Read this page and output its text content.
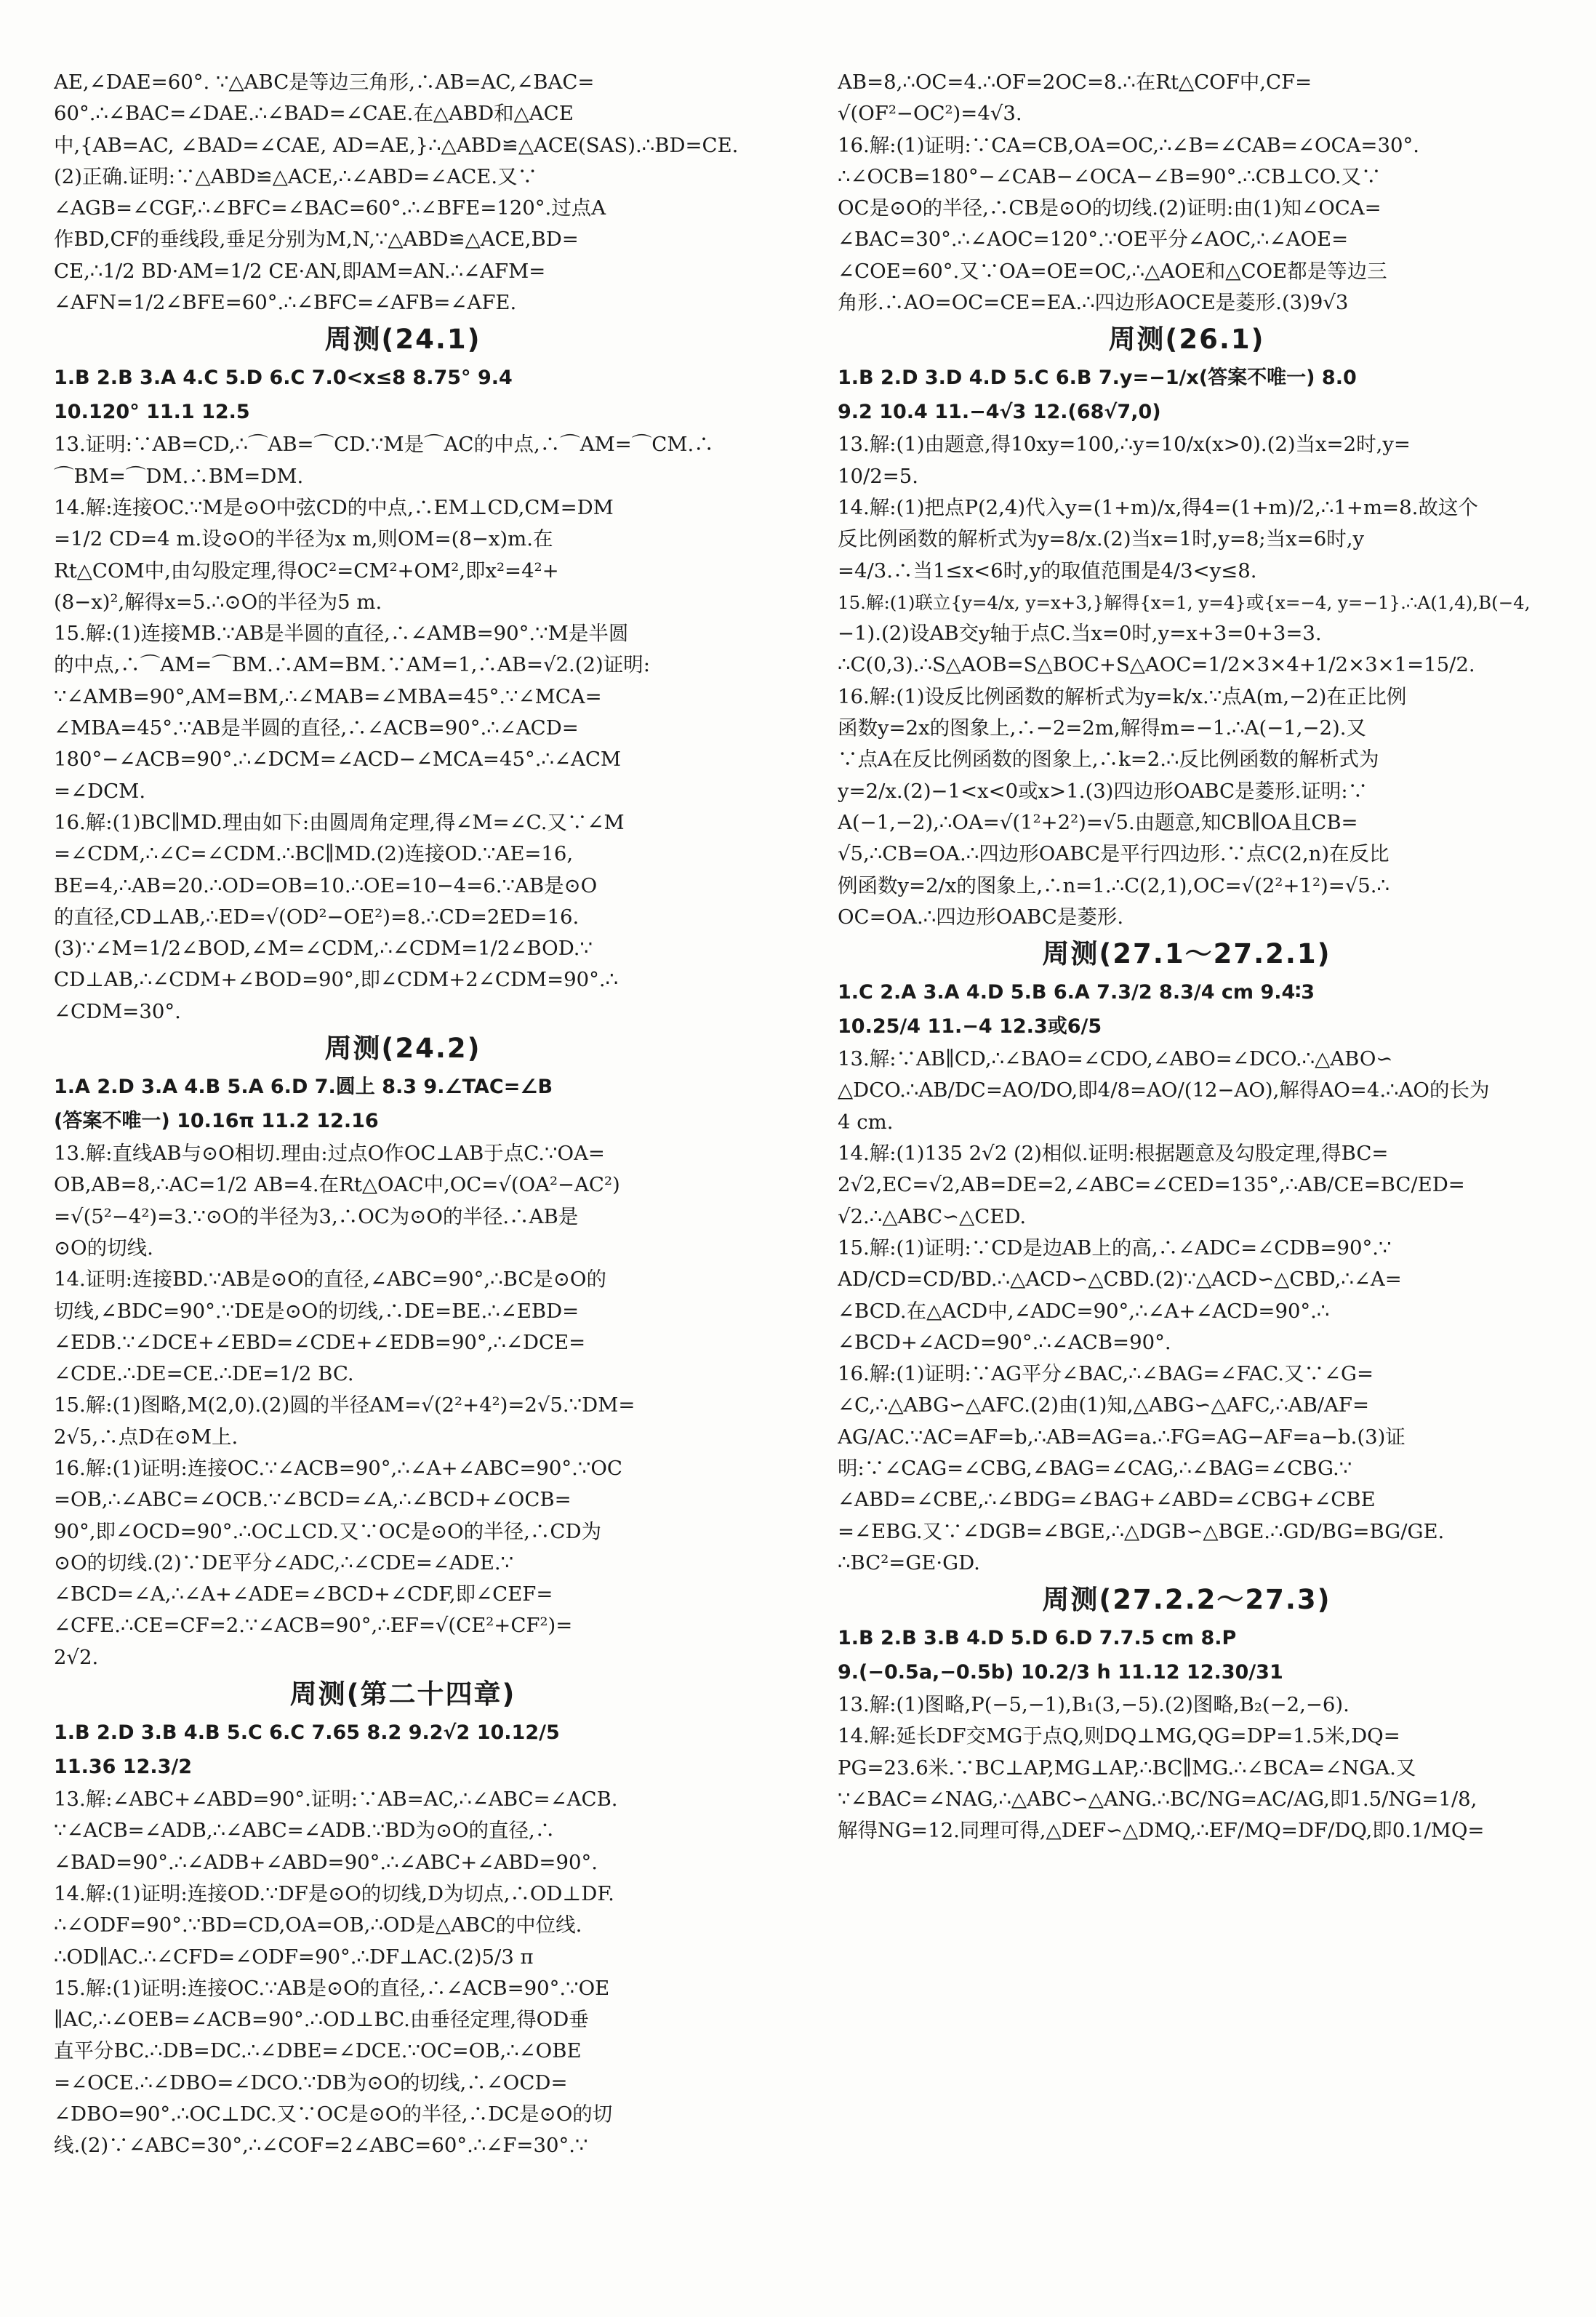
AE,∠DAE=60°. ∵△ABC是等边三角形,∴AB=AC,∠BAC=
60°.∴∠BAC=∠DAE.∴∠BAD=∠CAE.在△ABD和△ACE
中,{AB=AC, ∠BAD=∠CAE, AD=AE,}∴△ABD≌△ACE(SAS).∴BD=CE.
(2)正确.证明:∵△ABD≌△ACE,∴∠ABD=∠ACE.又∵
∠AGB=∠CGF,∴∠BFC=∠BAC=60°.∴∠BFE=120°.过点A
作BD,CF的垂线段,垂足分别为M,N,∵△ABD≌△ACE,BD=
CE,∴1/2 BD·AM=1/2 CE·AN,即AM=AN.∴∠AFM=
∠AFN=1/2∠BFE=60°.∴∠BFC=∠AFB=∠AFE.
周测(24.1)
1.B 2.B 3.A 4.C 5.D 6.C 7.0<x≤8 8.75° 9.4
10.120° 11.1 12.5
13.证明:∵AB=CD,∴⌒AB=⌒CD.∵M是⌒AC的中点,∴⌒AM=⌒CM.∴
⌒BM=⌒DM.∴BM=DM.
14.解:连接OC.∵M是⊙O中弦CD的中点,∴EM⊥CD,CM=DM
=1/2 CD=4 m.设⊙O的半径为x m,则OM=(8−x)m.在
Rt△COM中,由勾股定理,得OC²=CM²+OM²,即x²=4²+
(8−x)²,解得x=5.∴⊙O的半径为5 m.
15.解:(1)连接MB.∵AB是半圆的直径,∴∠AMB=90°.∵M是半圆
的中点,∴⌒AM=⌒BM.∴AM=BM.∵AM=1,∴AB=√2.(2)证明:
∵∠AMB=90°,AM=BM,∴∠MAB=∠MBA=45°.∵∠MCA=
∠MBA=45°.∵AB是半圆的直径,∴∠ACB=90°.∴∠ACD=
180°−∠ACB=90°.∴∠DCM=∠ACD−∠MCA=45°.∴∠ACM
=∠DCM.
16.解:(1)BC∥MD.理由如下:由圆周角定理,得∠M=∠C.又∵∠M
=∠CDM,∴∠C=∠CDM.∴BC∥MD.(2)连接OD.∵AE=16,
BE=4,∴AB=20.∴OD=OB=10.∴OE=10−4=6.∵AB是⊙O
的直径,CD⊥AB,∴ED=√(OD²−OE²)=8.∴CD=2ED=16.
(3)∵∠M=1/2∠BOD,∠M=∠CDM,∴∠CDM=1/2∠BOD.∵
CD⊥AB,∴∠CDM+∠BOD=90°,即∠CDM+2∠CDM=90°.∴
∠CDM=30°.
周测(24.2)
1.A 2.D 3.A 4.B 5.A 6.D 7.圆上 8.3 9.∠TAC=∠B
(答案不唯一) 10.16π 11.2 12.16
13.解:直线AB与⊙O相切.理由:过点O作OC⊥AB于点C.∵OA=
OB,AB=8,∴AC=1/2 AB=4.在Rt△OAC中,OC=√(OA²−AC²)
=√(5²−4²)=3.∵⊙O的半径为3,∴OC为⊙O的半径.∴AB是
⊙O的切线.
14.证明:连接BD.∵AB是⊙O的直径,∠ABC=90°,∴BC是⊙O的
切线,∠BDC=90°.∵DE是⊙O的切线,∴DE=BE.∴∠EBD=
∠EDB.∵∠DCE+∠EBD=∠CDE+∠EDB=90°,∴∠DCE=
∠CDE.∴DE=CE.∴DE=1/2 BC.
15.解:(1)图略,M(2,0).(2)圆的半径AM=√(2²+4²)=2√5.∵DM=
2√5,∴点D在⊙M上.
16.解:(1)证明:连接OC.∵∠ACB=90°,∴∠A+∠ABC=90°.∵OC
=OB,∴∠ABC=∠OCB.∵∠BCD=∠A,∴∠BCD+∠OCB=
90°,即∠OCD=90°.∴OC⊥CD.又∵OC是⊙O的半径,∴CD为
⊙O的切线.(2)∵DE平分∠ADC,∴∠CDE=∠ADE.∵
∠BCD=∠A,∴∠A+∠ADE=∠BCD+∠CDF,即∠CEF=
∠CFE.∴CE=CF=2.∵∠ACB=90°,∴EF=√(CE²+CF²)=
2√2.
周测(第二十四章)
1.B 2.D 3.B 4.B 5.C 6.C 7.65 8.2 9.2√2 10.12/5
11.36 12.3/2
13.解:∠ABC+∠ABD=90°.证明:∵AB=AC,∴∠ABC=∠ACB.
∵∠ACB=∠ADB,∴∠ABC=∠ADB.∵BD为⊙O的直径,∴
∠BAD=90°.∴∠ADB+∠ABD=90°.∴∠ABC+∠ABD=90°.
14.解:(1)证明:连接OD.∵DF是⊙O的切线,D为切点,∴OD⊥DF.
∴∠ODF=90°.∵BD=CD,OA=OB,∴OD是△ABC的中位线.
∴OD∥AC.∴∠CFD=∠ODF=90°.∴DF⊥AC.(2)5/3 π
15.解:(1)证明:连接OC.∵AB是⊙O的直径,∴∠ACB=90°.∵OE
∥AC,∴∠OEB=∠ACB=90°.∴OD⊥BC.由垂径定理,得OD垂
直平分BC.∴DB=DC.∴∠DBE=∠DCE.∵OC=OB,∴∠OBE
=∠OCE.∴∠DBO=∠DCO.∵DB为⊙O的切线,∴∠OCD=
∠DBO=90°.∴OC⊥DC.又∵OC是⊙O的半径,∴DC是⊙O的切
线.(2)∵∠ABC=30°,∴∠COF=2∠ABC=60°.∴∠F=30°.∵
AB=8,∴OC=4.∴OF=2OC=8.∴在Rt△COF中,CF=
√(OF²−OC²)=4√3.
16.解:(1)证明:∵CA=CB,OA=OC,∴∠B=∠CAB=∠OCA=30°.
∴∠OCB=180°−∠CAB−∠OCA−∠B=90°.∴CB⊥CO.又∵
OC是⊙O的半径,∴CB是⊙O的切线.(2)证明:由(1)知∠OCA=
∠BAC=30°.∴∠AOC=120°.∵OE平分∠AOC,∴∠AOE=
∠COE=60°.又∵OA=OE=OC,∴△AOE和△COE都是等边三
角形.∴AO=OC=CE=EA.∴四边形AOCE是菱形.(3)9√3
周测(26.1)
1.B 2.D 3.D 4.D 5.C 6.B 7.y=−1/x(答案不唯一) 8.0
9.2 10.4 11.−4√3 12.(68√7,0)
13.解:(1)由题意,得10xy=100,∴y=10/x(x>0).(2)当x=2时,y=
10/2=5.
14.解:(1)把点P(2,4)代入y=(1+m)/x,得4=(1+m)/2,∴1+m=8.故这个
反比例函数的解析式为y=8/x.(2)当x=1时,y=8;当x=6时,y
=4/3.∴当1≤x<6时,y的取值范围是4/3<y≤8.
15.解:(1)联立{y=4/x, y=x+3,}解得{x=1, y=4}或{x=−4, y=−1}.∴A(1,4),B(−4,
−1).(2)设AB交y轴于点C.当x=0时,y=x+3=0+3=3.
∴C(0,3).∴S△AOB=S△BOC+S△AOC=1/2×3×4+1/2×3×1=15/2.
16.解:(1)设反比例函数的解析式为y=k/x.∵点A(m,−2)在正比例
函数y=2x的图象上,∴−2=2m,解得m=−1.∴A(−1,−2).又
∵点A在反比例函数的图象上,∴k=2.∴反比例函数的解析式为
y=2/x.(2)−1<x<0或x>1.(3)四边形OABC是菱形.证明:∵
A(−1,−2),∴OA=√(1²+2²)=√5.由题意,知CB∥OA且CB=
√5,∴CB=OA.∴四边形OABC是平行四边形.∵点C(2,n)在反比
例函数y=2/x的图象上,∴n=1.∴C(2,1),OC=√(2²+1²)=√5.∴
OC=OA.∴四边形OABC是菱形.
周测(27.1～27.2.1)
1.C 2.A 3.A 4.D 5.B 6.A 7.3/2 8.3/4 cm 9.4∶3
10.25/4 11.−4 12.3或6/5
13.解:∵AB∥CD,∴∠BAO=∠CDO,∠ABO=∠DCO.∴△ABO∽
△DCO.∴AB/DC=AO/DO,即4/8=AO/(12−AO),解得AO=4.∴AO的长为
4 cm.
14.解:(1)135 2√2 (2)相似.证明:根据题意及勾股定理,得BC=
2√2,EC=√2,AB=DE=2,∠ABC=∠CED=135°,∴AB/CE=BC/ED=
√2.∴△ABC∽△CED.
15.解:(1)证明:∵CD是边AB上的高,∴∠ADC=∠CDB=90°.∵
AD/CD=CD/BD.∴△ACD∽△CBD.(2)∵△ACD∽△CBD,∴∠A=
∠BCD.在△ACD中,∠ADC=90°,∴∠A+∠ACD=90°.∴
∠BCD+∠ACD=90°.∴∠ACB=90°.
16.解:(1)证明:∵AG平分∠BAC,∴∠BAG=∠FAC.又∵∠G=
∠C,∴△ABG∽△AFC.(2)由(1)知,△ABG∽△AFC,∴AB/AF=
AG/AC.∵AC=AF=b,∴AB=AG=a.∴FG=AG−AF=a−b.(3)证
明:∵∠CAG=∠CBG,∠BAG=∠CAG,∴∠BAG=∠CBG.∵
∠ABD=∠CBE,∴∠BDG=∠BAG+∠ABD=∠CBG+∠CBE
=∠EBG.又∵∠DGB=∠BGE,∴△DGB∽△BGE.∴GD/BG=BG/GE.
∴BC²=GE·GD.
周测(27.2.2～27.3)
1.B 2.B 3.B 4.D 5.D 6.D 7.7.5 cm 8.P
9.(−0.5a,−0.5b) 10.2/3 h 11.12 12.30/31
13.解:(1)图略,P(−5,−1),B₁(3,−5).(2)图略,B₂(−2,−6).
14.解:延长DF交MG于点Q,则DQ⊥MG,QG=DP=1.5米,DQ=
PG=23.6米.∵BC⊥AP,MG⊥AP,∴BC∥MG.∴∠BCA=∠NGA.又
∵∠BAC=∠NAG,∴△ABC∽△ANG.∴BC/NG=AC/AG,即1.5/NG=1/8,
解得NG=12.同理可得,△DEF∽△DMQ,∴EF/MQ=DF/DQ,即0.1/MQ=
